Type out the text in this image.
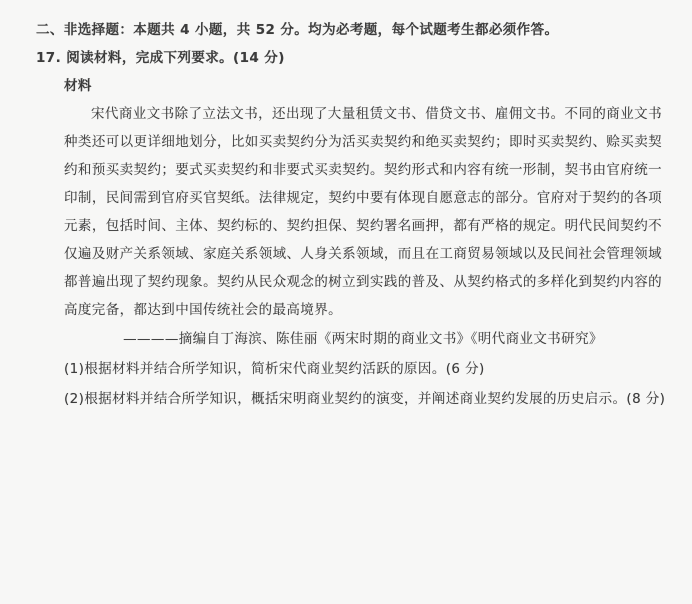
二、非选择题：本题共 4 小题，共 52 分。均为必考题，每个试题考生都必须作答。
17. 阅读材料，完成下列要求。(14 分)
材料
宋代商业文书除了立法文书，还出现了大量租赁文书、借贷文书、雇佣文书。不同的商业文书种类还可以更详细地划分，比如买卖契约分为活买卖契约和绝买卖契约；即时买卖契约、赊买卖契约和预买卖契约；要式买卖契约和非要式买卖契约。契约形式和内容有统一形制，契书由官府统一印制，民间需到官府买官契纸。法律规定，契约中要有体现自愿意志的部分。官府对于契约的各项元素，包括时间、主体、契约标的、契约担保、契约署名画押，都有严格的规定。明代民间契约不仅遍及财产关系领域、家庭关系领域、人身关系领域，而且在工商贸易领域以及民间社会管理领域都普遍出现了契约现象。契约从民众观念的树立到实践的普及、从契约格式的多样化到契约内容的高度完备，都达到中国传统社会的最高境界。
————摘编自丁海滨、陈佳丽《两宋时期的商业文书》《明代商业文书研究》
(1)根据材料并结合所学知识，简析宋代商业契约活跃的原因。(6 分)
(2)根据材料并结合所学知识，概括宋明商业契约的演变，并阐述商业契约发展的历史启示。(8 分)
